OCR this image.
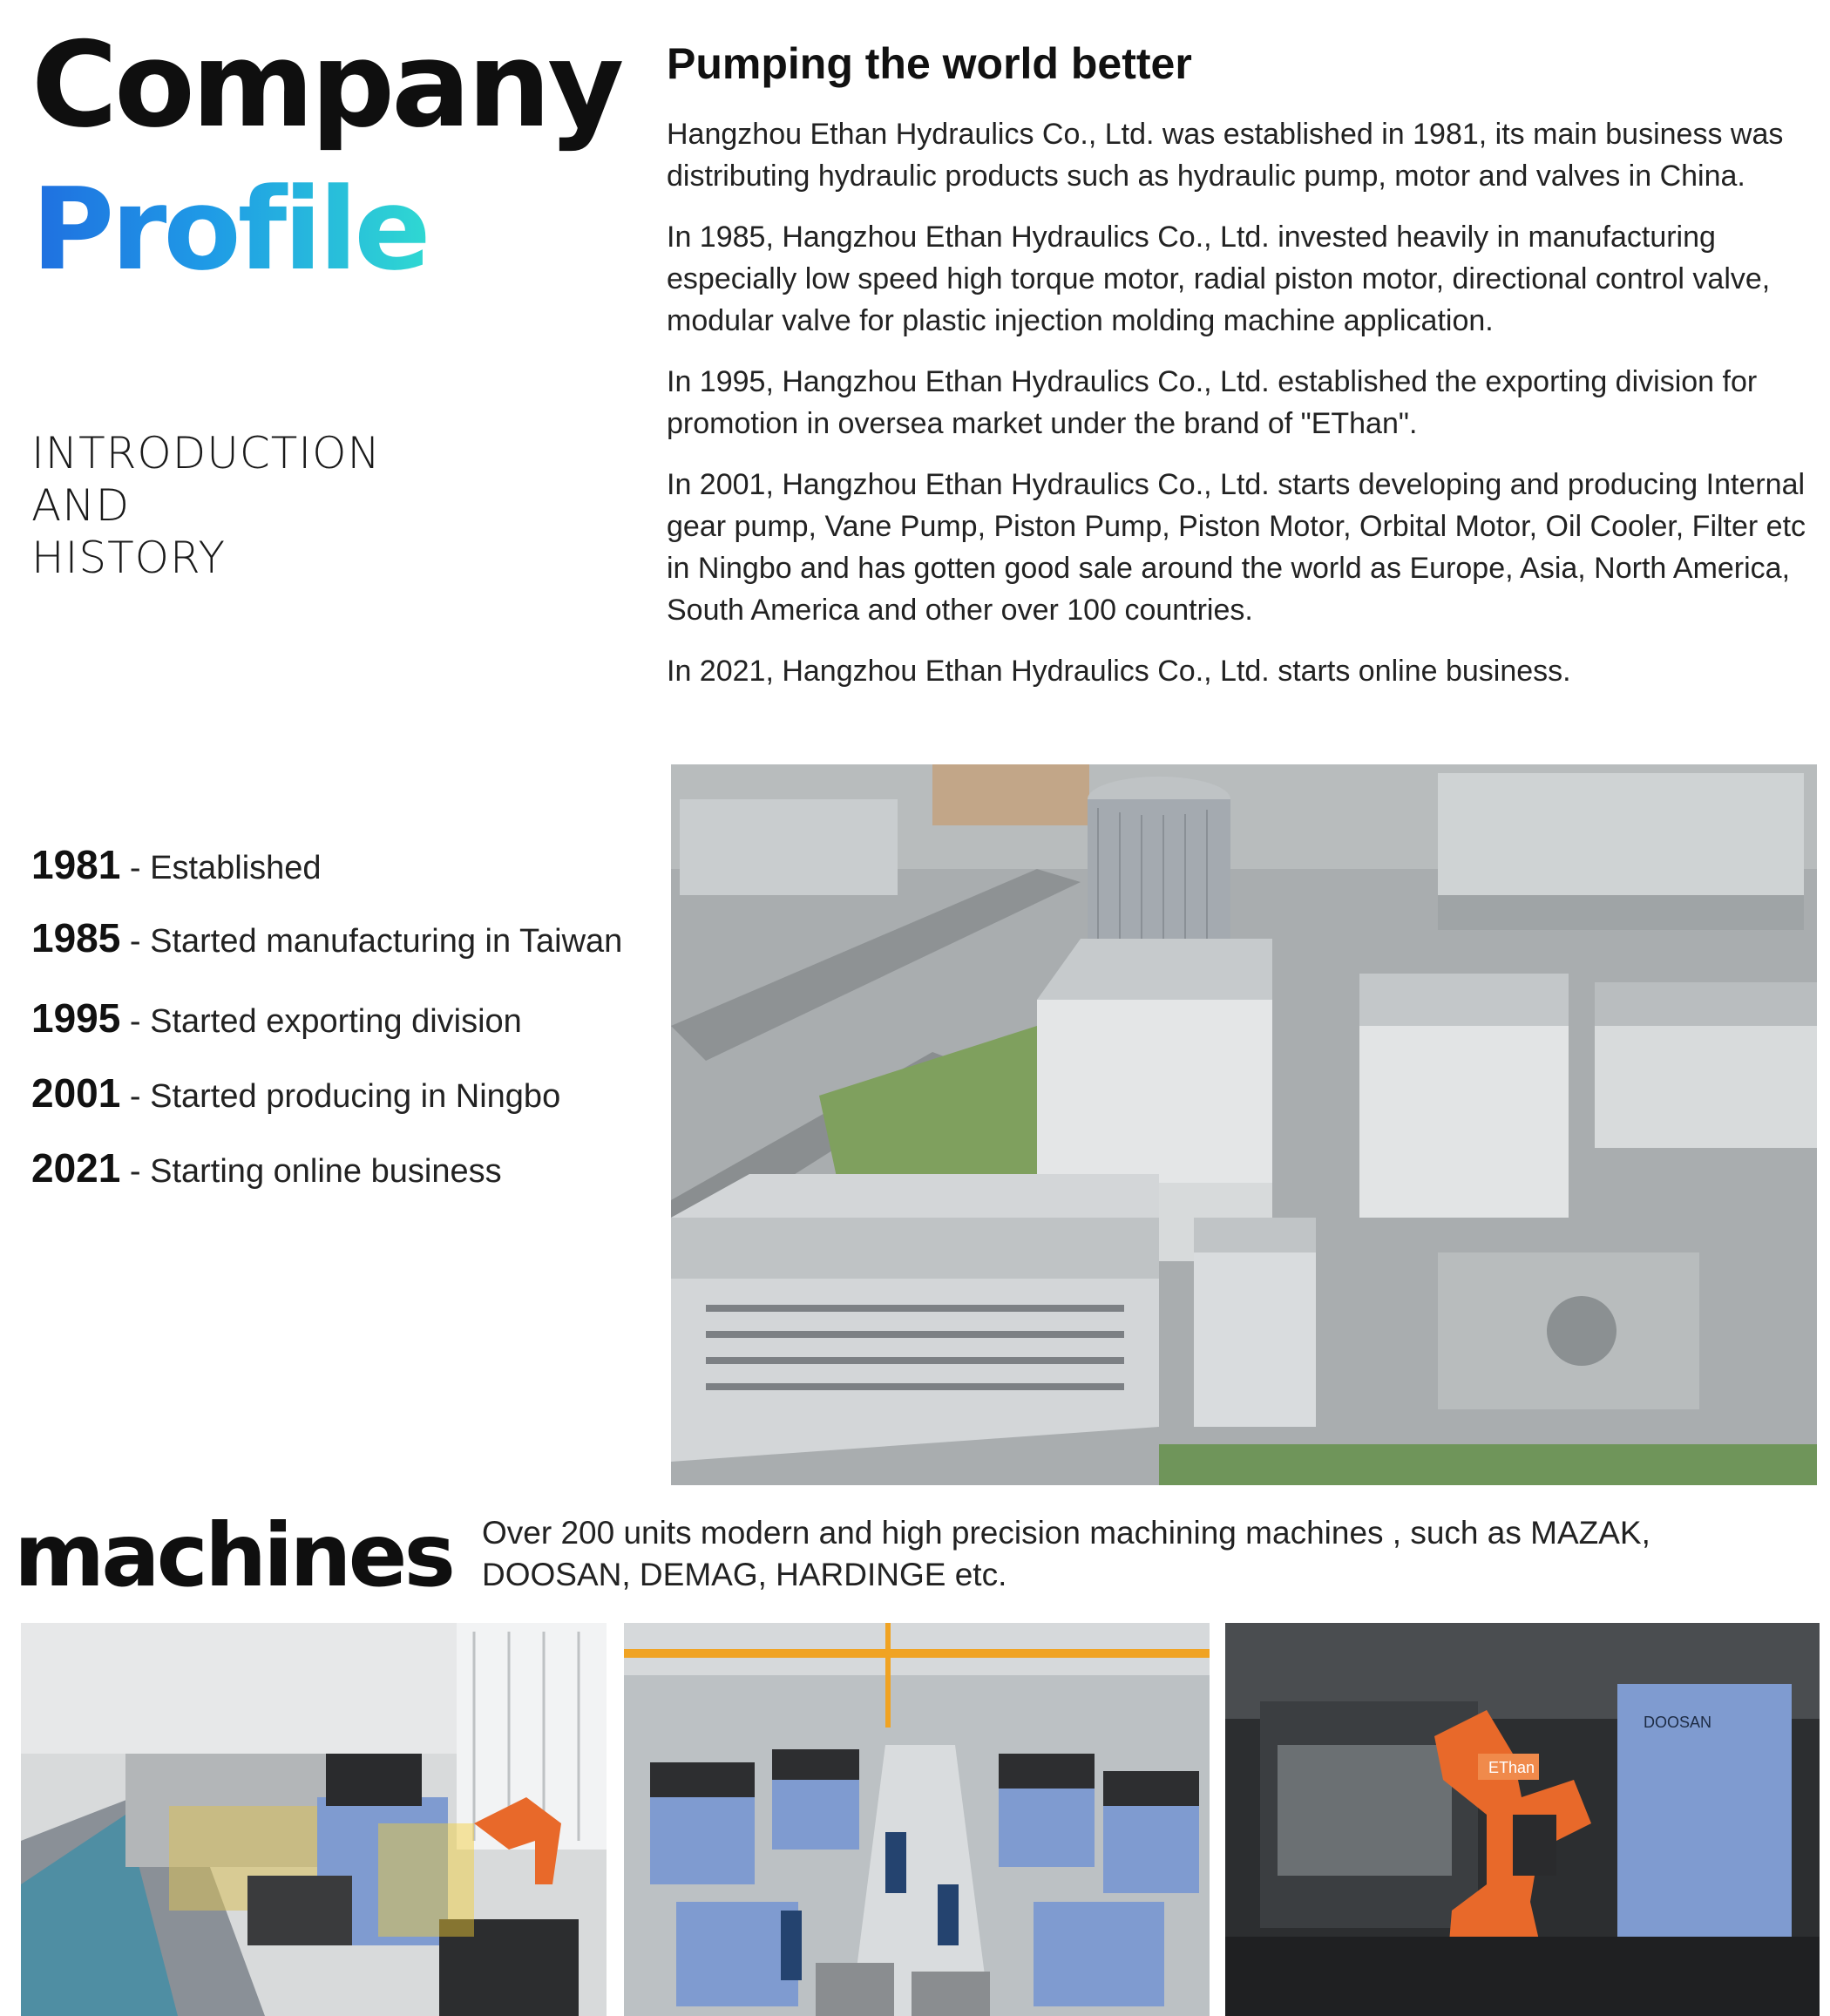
Company
Profile
INTRODUCTION
AND
HISTORY
Pumping the world better

Hangzhou Ethan Hydraulics Co., Ltd. was established in 1981, its main business was distributing hydraulic products such as hydraulic pump, motor and valves in China.

In 1985, Hangzhou Ethan Hydraulics Co., Ltd. invested heavily in manufacturing especially low speed high torque motor, radial piston motor, directional control valve, modular valve for plastic injection molding machine application.

In 1995, Hangzhou Ethan Hydraulics Co., Ltd. established the exporting division for promotion in oversea market under the brand of "EThan".

In 2001, Hangzhou Ethan Hydraulics Co., Ltd. starts developing and producing Internal gear pump, Vane Pump, Piston Pump, Piston Motor, Orbital Motor, Oil Cooler, Filter etc in Ningbo and has gotten good sale around the world as Europe, Asia, North America, South America and other over 100 countries.

In 2021, Hangzhou Ethan Hydraulics Co., Ltd. starts online business.

1981 - Established
1985 - Started manufacturing in Taiwan
1995 - Started exporting division
2001 - Started producing in Ningbo
2021 - Starting online business
machines Over 200 units modern and high precision machining machines , such as MAZAK, DOOSAN, DEMAG, HARDINGE etc.
DOOSAN
EThan
